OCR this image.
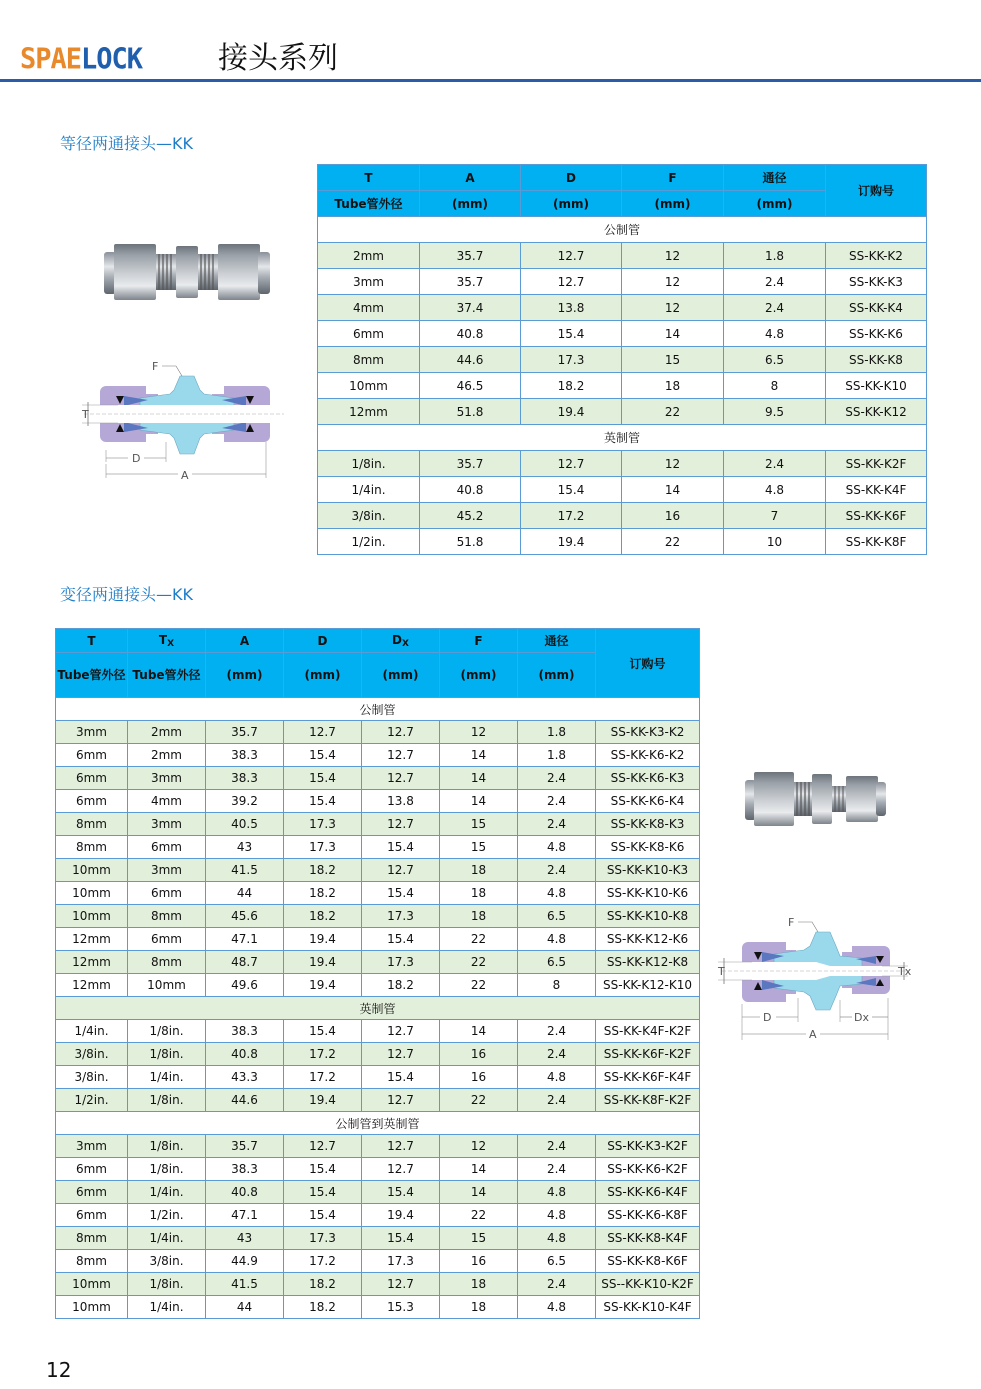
SPAELOCK	接头系列
等径两通接头—KK
T
F
D
A
T	A	D	F	通径	订购号
Tube管外径	(mm)	(mm)	(mm)	(mm)	
公制管					
2mm	35.7	12.7	12	1.8	SS-KK-K2
3mm	35.7	12.7	12	2.4	SS-KK-K3
4mm	37.4	13.8	12	2.4	SS-KK-K4
6mm	40.8	15.4	14	4.8	SS-KK-K6
8mm	44.6	17.3	15	6.5	SS-KK-K8
10mm	46.5	18.2	18	8	SS-KK-K10
12mm	51.8	19.4	22	9.5	SS-KK-K12
英制管					
1/8in.	35.7	12.7	12	2.4	SS-KK-K2F
1/4in.	40.8	15.4	14	4.8	SS-KK-K4F
3/8in.	45.2	17.2	16	7	SS-KK-K6F
1/2in.	51.8	19.4	22	10	SS-KK-K8F
变径两通接头—KK
T	$T_X$	A	D	$D_X$	F	通径	订购号
Tube管外径	Tube管外径	(mm)	(mm)	(mm)	(mm)	(mm)	
公制管							
3mm	2mm	35.7	12.7	12.7	12	1.8	SS-KK-K3-K2
6mm	2mm	38.3	15.4	12.7	14	1.8	SS-KK-K6-K2
6mm	3mm	38.3	15.4	12.7	14	2.4	SS-KK-K6-K3
6mm	4mm	39.2	15.4	13.8	14	2.4	SS-KK-K6-K4
8mm	3mm	40.5	17.3	12.7	15	2.4	SS-KK-K8-K3
8mm	6mm	43	17.3	15.4	15	4.8	SS-KK-K8-K6
10mm	3mm	41.5	18.2	12.7	18	2.4	SS-KK-K10-K3
10mm	6mm	44	18.2	15.4	18	4.8	SS-KK-K10-K6
10mm	8mm	45.6	18.2	17.3	18	6.5	SS-KK-K10-K8
12mm	6mm	47.1	19.4	15.4	22	4.8	SS-KK-K12-K6
12mm	8mm	48.7	19.4	17.3	22	6.5	SS-KK-K12-K8
12mm	10mm	49.6	19.4	18.2	22	8	SS-KK-K12-K10
英制管							
1/4in.	1/8in.	38.3	15.4	12.7	14	2.4	SS-KK-K4F-K2F
3/8in.	1/8in.	40.8	17.2	12.7	16	2.4	SS-KK-K6F-K2F
3/8in.	1/4in.	43.3	17.2	15.4	16	4.8	SS-KK-K6F-K4F
1/2in.	1/8in.	44.6	19.4	12.7	22	2.4	SS-KK-K8F-K2F
公制管到英制管							
3mm	1/8in.	35.7	12.7	12.7	12	2.4	SS-KK-K3-K2F
6mm	1/8in.	38.3	15.4	12.7	14	2.4	SS-KK-K6-K2F
6mm	1/4in.	40.8	15.4	15.4	14	4.8	SS-KK-K6-K4F
6mm	1/2in.	47.1	15.4	19.4	22	4.8	SS-KK-K6-K8F
8mm	1/4in.	43	17.3	15.4	15	4.8	SS-KK-K8-K4F
8mm	3/8in.	44.9	17.2	17.3	16	6.5	SS-KK-K8-K6F
10mm	1/8in.	41.5	18.2	12.7	18	2.4	SS--KK-K10-K2F
10mm	1/4in.	44	18.2	15.3	18	4.8	SS-KK-K10-K4F
T	Tx
F
D	Dx
A
12
